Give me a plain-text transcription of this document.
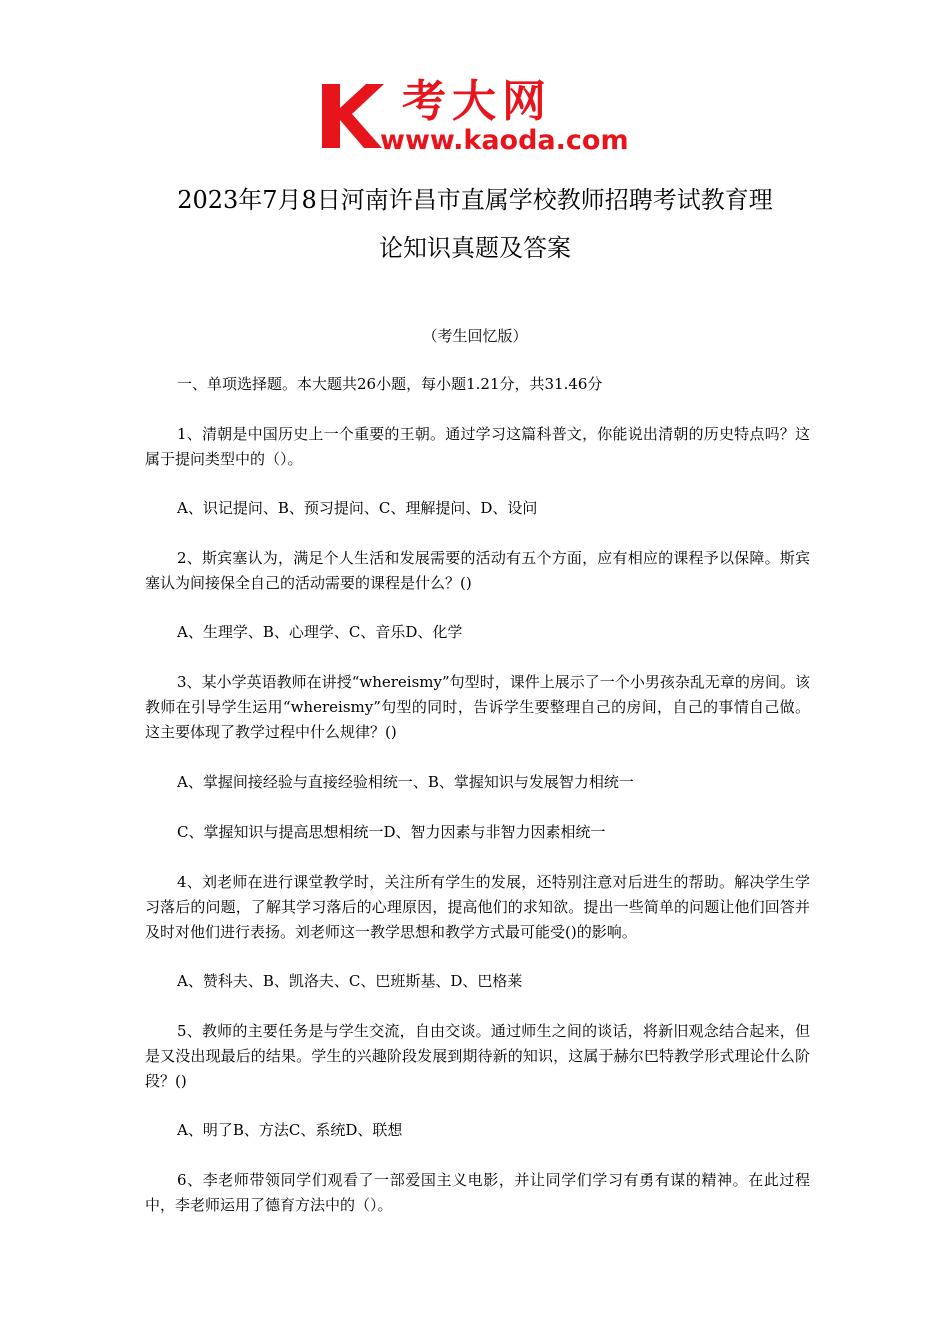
考大网
www.kaoda.com
2023年7月8日河南许昌市直属学校教师招聘考试教育理
论知识真题及答案
（考生回忆版）

一、单项选择题。本大题共26小题，每小题1.21分，共31.46分

1、清朝是中国历史上一个重要的王朝。通过学习这篇科普文，你能说出清朝的历史特点吗？这属于提问类型中的（）。

A、识记提问、B、预习提问、C、理解提问、D、设问

2、斯宾塞认为，满足个人生活和发展需要的活动有五个方面，应有相应的课程予以保障。斯宾塞认为间接保全自己的活动需要的课程是什么？()

A、生理学、B、心理学、C、音乐D、化学

3、某小学英语教师在讲授“whereismy”句型时，课件上展示了一个小男孩杂乱无章的房间。该教师在引导学生运用“whereismy”句型的同时，告诉学生要整理自己的房间，自己的事情自己做。这主要体现了教学过程中什么规律？()

A、掌握间接经验与直接经验相统一、B、掌握知识与发展智力相统一

C、掌握知识与提高思想相统一D、智力因素与非智力因素相统一

4、刘老师在进行课堂教学时，关注所有学生的发展，还特别注意对后进生的帮助。解决学生学习落后的问题，了解其学习落后的心理原因，提高他们的求知欲。提出一些简单的问题让他们回答并及时对他们进行表扬。刘老师这一教学思想和教学方式最可能受()的影响。

A、赞科夫、B、凯洛夫、C、巴班斯基、D、巴格莱

5、教师的主要任务是与学生交流，自由交谈。通过师生之间的谈话，将新旧观念结合起来，但是又没出现最后的结果。学生的兴趣阶段发展到期待新的知识，这属于赫尔巴特教学形式理论什么阶段？()

A、明了B、方法C、系统D、联想

6、李老师带领同学们观看了一部爱国主义电影，并让同学们学习有勇有谋的精神。在此过程中，李老师运用了德育方法中的（）。
